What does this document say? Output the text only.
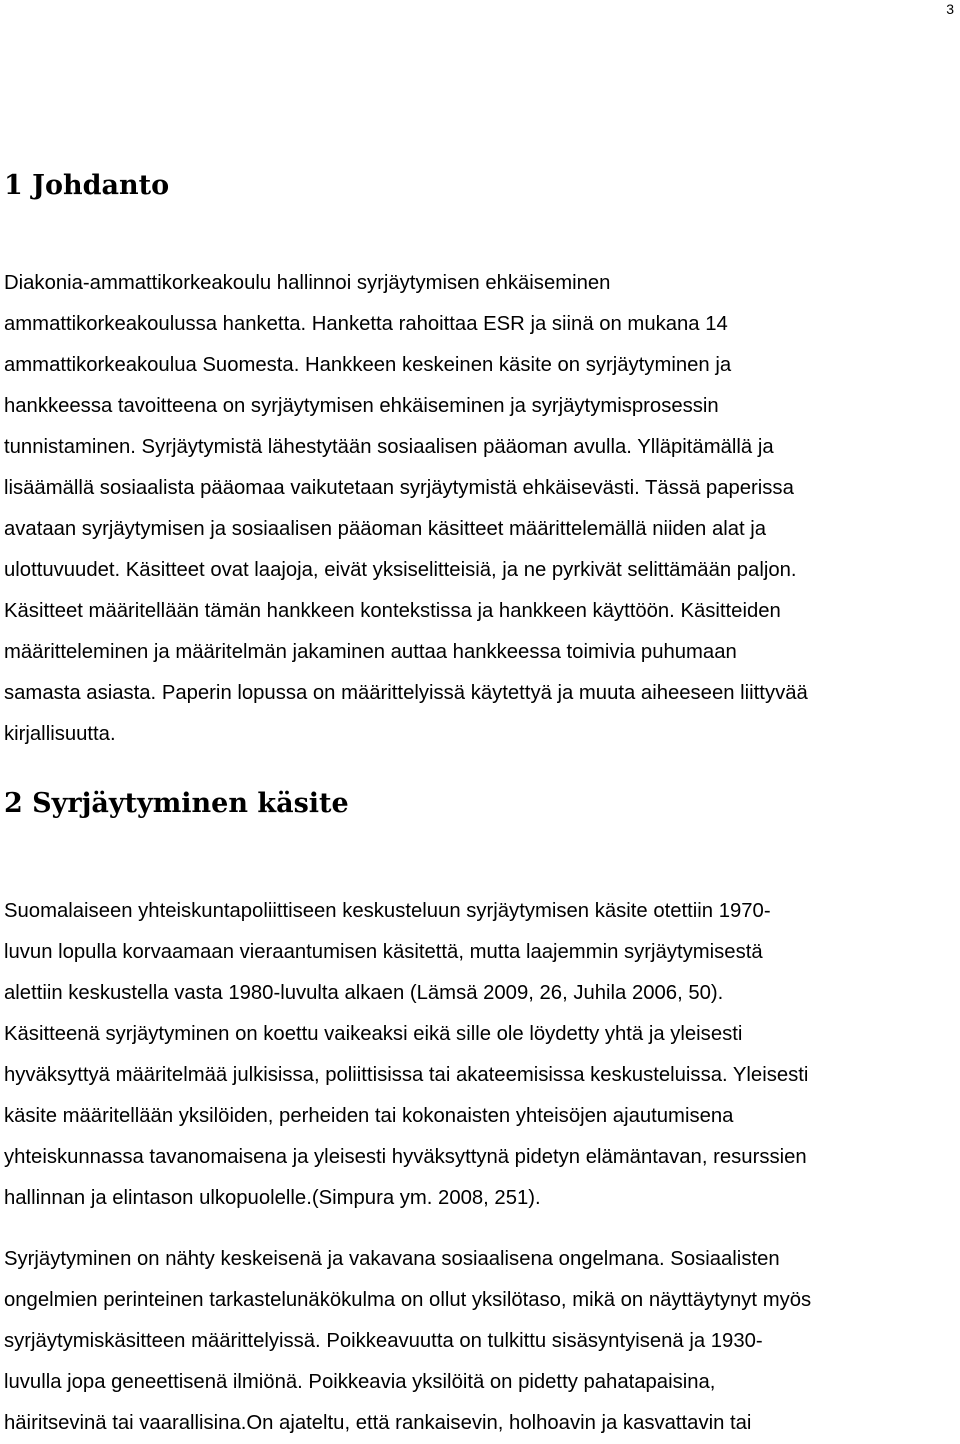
3
1 Johdanto

Diakonia-ammattikorkeakoulu hallinnoi syrjäytymisen ehkäiseminen
ammattikorkeakoulussa hanketta. Hanketta rahoittaa ESR ja siinä on mukana 14
ammattikorkeakoulua Suomesta. Hankkeen keskeinen käsite on syrjäytyminen ja
hankkeessa tavoitteena on syrjäytymisen ehkäiseminen ja syrjäytymisprosessin
tunnistaminen. Syrjäytymistä lähestytään sosiaalisen pääoman avulla. Ylläpitämällä ja
lisäämällä sosiaalista pääomaa vaikutetaan syrjäytymistä ehkäisevästi. Tässä paperissa
avataan syrjäytymisen ja sosiaalisen pääoman käsitteet määrittelemällä niiden alat ja
ulottuvuudet. Käsitteet ovat laajoja, eivät yksiselitteisiä, ja ne pyrkivät selittämään paljon.
Käsitteet määritellään tämän hankkeen kontekstissa ja hankkeen käyttöön. Käsitteiden
määritteleminen ja määritelmän jakaminen auttaa hankkeessa toimivia puhumaan
samasta asiasta. Paperin lopussa on määrittelyissä käytettyä ja muuta aiheeseen liittyvää
kirjallisuutta.

2 Syrjäytyminen käsite

Suomalaiseen yhteiskuntapoliittiseen keskusteluun syrjäytymisen käsite otettiin 1970-
luvun lopulla korvaamaan vieraantumisen käsitettä, mutta laajemmin syrjäytymisestä
alettiin keskustella vasta 1980-luvulta alkaen (Lämsä 2009, 26, Juhila 2006, 50).
Käsitteenä syrjäytyminen on koettu vaikeaksi eikä sille ole löydetty yhtä ja yleisesti
hyväksyttyä määritelmää julkisissa, poliittisissa tai akateemisissa keskusteluissa. Yleisesti
käsite määritellään yksilöiden, perheiden tai kokonaisten yhteisöjen ajautumisena
yhteiskunnassa tavanomaisena ja yleisesti hyväksyttynä pidetyn elämäntavan, resurssien
hallinnan ja elintason ulkopuolelle.(Simpura ym. 2008, 251).

Syrjäytyminen on nähty keskeisenä ja vakavana sosiaalisena ongelmana. Sosiaalisten
ongelmien perinteinen tarkastelunäkökulma on ollut yksilötaso, mikä on näyttäytynyt myös
syrjäytymiskäsitteen määrittelyissä. Poikkeavuutta on tulkittu sisäsyntyisenä ja 1930-
luvulla jopa geneettisenä ilmiönä. Poikkeavia yksilöitä on pidetty pahatapaisina,
häiritsevinä tai vaarallisina.On ajateltu, että rankaisevin, holhoavin ja kasvattavin tai
